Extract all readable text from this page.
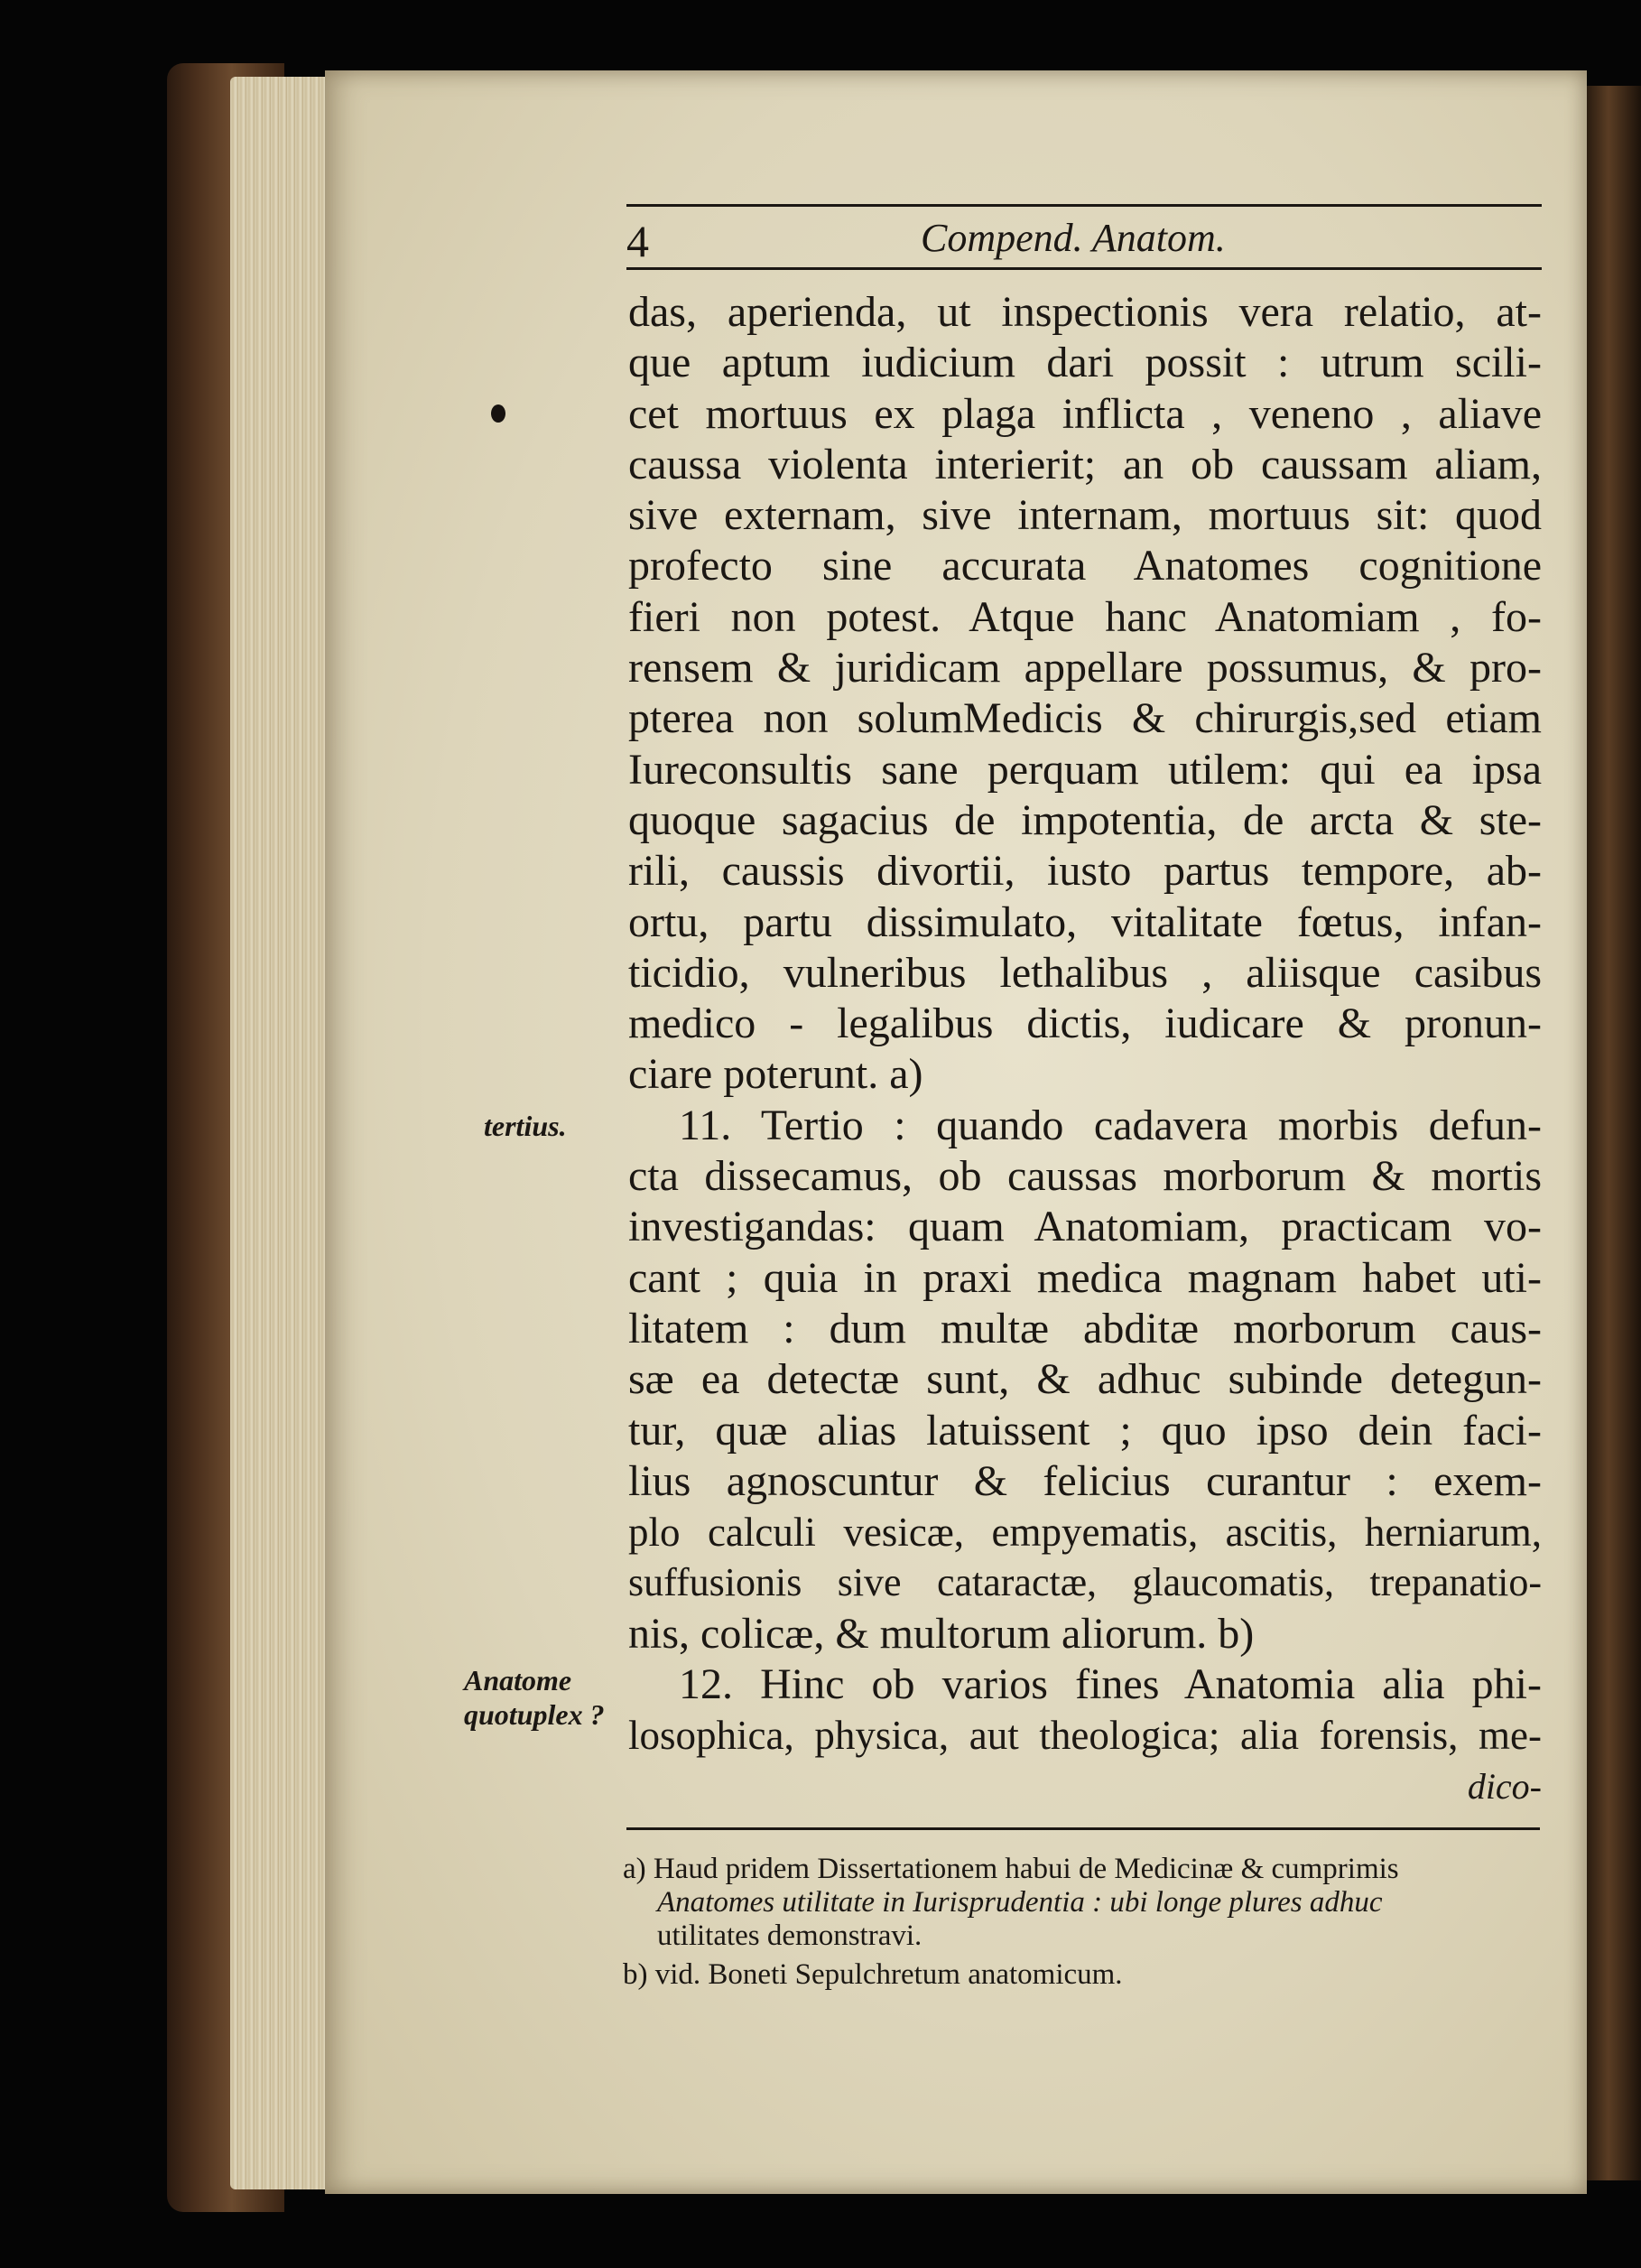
4	Compend. Anatom.
das, aperienda, ut inspectionis vera relatio, at-
que aptum iudicium dari possit : utrum scili-
cet mortuus ex plaga inflicta , veneno , aliave
caussa violenta interierit; an ob caussam aliam,
sive externam, sive internam, mortuus sit: quod
profecto sine accurata Anatomes cognitione
fieri non potest. Atque hanc Anatomiam , fo-
rensem & juridicam appellare possumus, & pro-
pterea non solumMedicis & chirurgis,sed etiam
Iureconsultis sane perquam utilem: qui ea ipsa
quoque sagacius de impotentia, de arcta & ste-
rili, caussis divortii, iusto partus tempore, ab-
ortu, partu dissimulato, vitalitate fœtus, infan-
ticidio, vulneribus lethalibus , aliisque casibus
medico - legalibus dictis, iudicare & pronun-
ciare poterunt. a)
11. Tertio : quando cadavera morbis defun-
cta dissecamus, ob caussas morborum & mortis
investigandas: quam Anatomiam, practicam vo-
cant ; quia in praxi medica magnam habet uti-
litatem : dum multæ abditæ morborum caus-
sæ ea detectæ sunt, & adhuc subinde detegun-
tur, quæ alias latuissent ; quo ipso dein faci-
lius agnoscuntur & felicius curantur : exem-
plo calculi vesicæ, empyematis, ascitis, herniarum,
suffusionis sive cataractæ, glaucomatis, trepanatio-
nis, colicæ, & multorum aliorum. b)
12. Hinc ob varios fines Anatomia alia phi-
losophica, physica, aut theologica; alia forensis, me-
dico-
tertius.
Anatome
quotuplex ?
a) Haud pridem Dissertationem habui de Medicinæ & cumprimis
Anatomes utilitate in Iurisprudentia : ubi longe plures adhuc
utilitates demonstravi.
b) vid. Boneti Sepulchretum anatomicum.
